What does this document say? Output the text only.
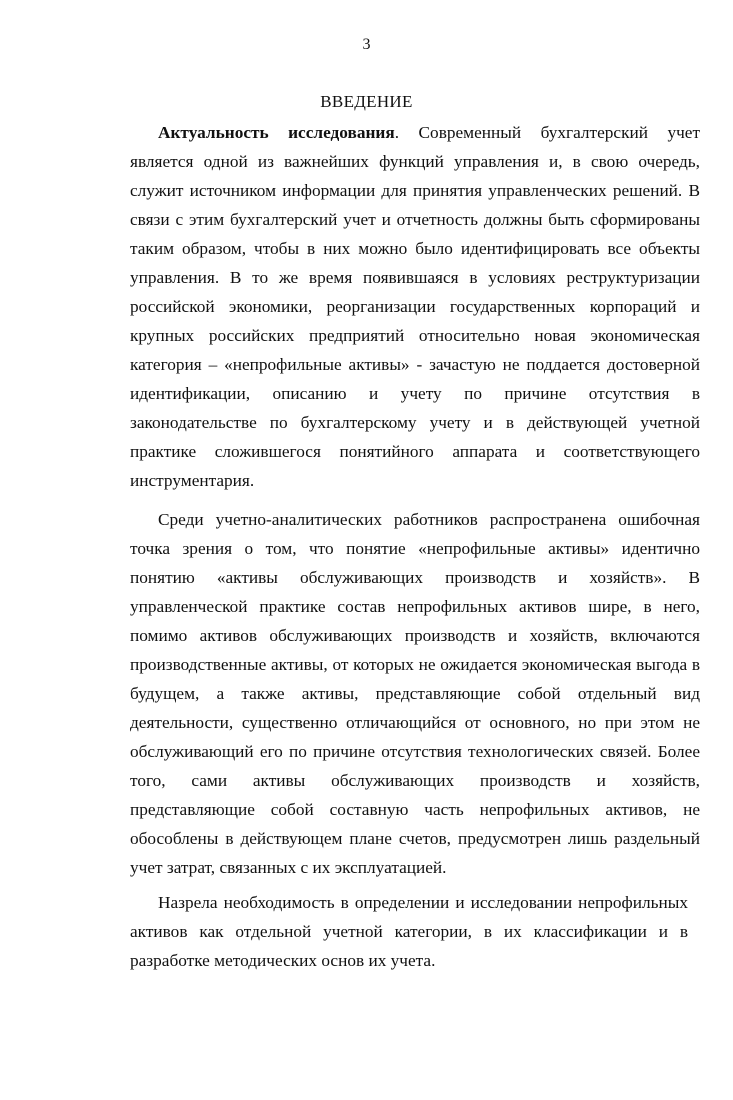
3
ВВЕДЕНИЕ

Актуальность исследования. Современный бухгалтерский учет является одной из важнейших функций управления и, в свою очередь, служит источником информации для принятия управленческих решений. В связи с этим бухгалтерский учет и отчетность должны быть сформированы таким образом, чтобы в них можно было идентифицировать все объекты управления. В то же время появившаяся в условиях реструктуризации российской экономики, реорганизации государственных корпораций и крупных российских предприятий относительно новая экономическая категория – «непрофильные активы» - зачастую не поддается достоверной идентификации, описанию и учету по причине отсутствия в законодательстве по бухгалтерскому учету и в действующей учетной практике сложившегося понятийного аппарата и соответствующего инструментария.

Среди учетно-аналитических работников распространена ошибочная точка зрения о том, что понятие «непрофильные активы» идентично понятию «активы обслуживающих производств и хозяйств». В управленческой практике состав непрофильных активов шире, в него, помимо активов обслуживающих производств и хозяйств, включаются производственные активы, от которых не ожидается экономическая выгода в будущем, а также активы, представляющие собой отдельный вид деятельности, существенно отличающийся от основного, но при этом не обслуживающий его по причине отсутствия технологических связей. Более того, сами активы обслуживающих производств и хозяйств, представляющие собой составную часть непрофильных активов, не обособлены в действующем плане счетов, предусмотрен лишь раздельный учет затрат, связанных с их эксплуатацией.

Назрела необходимость в определении и исследовании непрофильных активов как отдельной учетной категории, в их классификации и в разработке методических основ их учета.
